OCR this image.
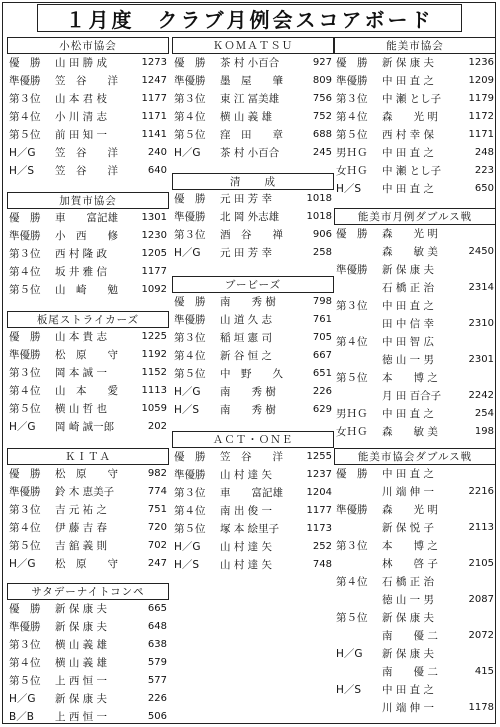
１月度　クラブ月例会スコアボード
小松市協会
優　勝 山 田 勝 成	1273
準優勝 笠　谷　　洋 1247
第３位 山 本 君 枝	1177
第４位 小 川 清 志	1171
第５位 前 田 知 一	1141
H／G 笠　谷　　洋	240
H／S 笠　谷　　洋	640
加賀市協会
優　勝 車　　富記雄 1301
準優勝 小　西　　修 1230
第３位 西 村 隆 政	1205
第４位 坂 井 雅 信	1177
第５位 山　崎　　勉 1092
板尾ストライカーズ
優　勝 山 本 貴 志	1225
準優勝 松　原　　守 1192
第３位 岡 本 誠 一	1152
第４位 山　本　　愛 1113
第５位 横 山 哲 也	1059
H／G 岡 崎 誠一郎	202
ＫＩＴＡ
優　勝 松　原　　守	982
準優勝 鈴 木 恵美子	774
第３位 吉 元 祐 之	751
第４位 伊 藤 吉 春	720
第５位 吉 舘 義 則	702
H／G 松　原　　守	247
サタデーナイトコンペ
優　勝 新 保 康 夫	665
準優勝 新 保 康 夫	648
第３位 横 山 義 雄	638
第４位 横 山 義 雄	579
第５位 上 西 恒 一	577
H／G 新 保 康 夫	226
B／B 上 西 恒 一	506
ＫＯＭＡＴＳＵ
優　勝 茶 村 小百合	927
準優勝 墨　屋　　肇	809
第３位 東 江 冨美雄	756
第４位 横 山 義 雄	752
第５位 窪　田　　章	688
H／G 茶 村 小百合	245
清　　成
優　勝 元 田 芳 幸	1018
準優勝 北 岡 外志雄	1018
第３位 酒　谷　　禅	906
H／G 元 田 芳 幸	258
ブービーズ
優　勝 南　　秀 樹	798
準優勝 山 道 久 志	761
第３位 稲 垣 憲 司	705
第４位 新 谷 恒 之	667
第５位 中　野　　久	651
H／G 南　　秀 樹	226
H／S 南　　秀 樹	629
ＡＣＴ・ＯＮＥ
優　勝 笠　谷　　洋 1255
準優勝 山 村 達 矢	1237
第３位 車　　富記雄 1204
第４位 南 出 俊 一	1177
第５位 塚 本 絵里子	1173
H／G 山 村 達 矢	252
H／S 山 村 達 矢	748
能美市協会
優　勝 新 保 康 夫	1236
準優勝 中 田 直 之	1209
第３位 中 瀬 とし子	1179
第４位 森　　光 明	1172
第５位 西 村 幸 保	1171
男ＨＧ 中 田 直 之	248
女ＨＧ 中 瀬 とし子	223
H／S 中 田 直 之	650
能美市月例ダブルス戦
優　勝 森　　光 明
森　　敏 美	2450
準優勝 新 保 康 夫
石 橋 正 治	2314
第３位 中 田 直 之
田 中 信 幸	2310
第４位 中 田 智 広
徳 山 一 男	2301
第５位 本　　博 之
月 田 百合子	2242
男ＨＧ 中 田 直 之	254
女ＨＧ 森　　敏 美	198
能美市協会ダブルス戦
優　勝 中 田 直 之
川 端 伸 一	2216
準優勝 森　　光 明
新 保 悦 子	2113
第３位 本　　博 之
林　　啓 子	2105
第４位 石 橋 正 治
徳 山 一 男	2087
第５位 新 保 康 夫
南　　優 二	2072
H／G 新 保 康 夫
南　　優 二	415
H／S 中 田 直 之
川 端 伸 一	1178
